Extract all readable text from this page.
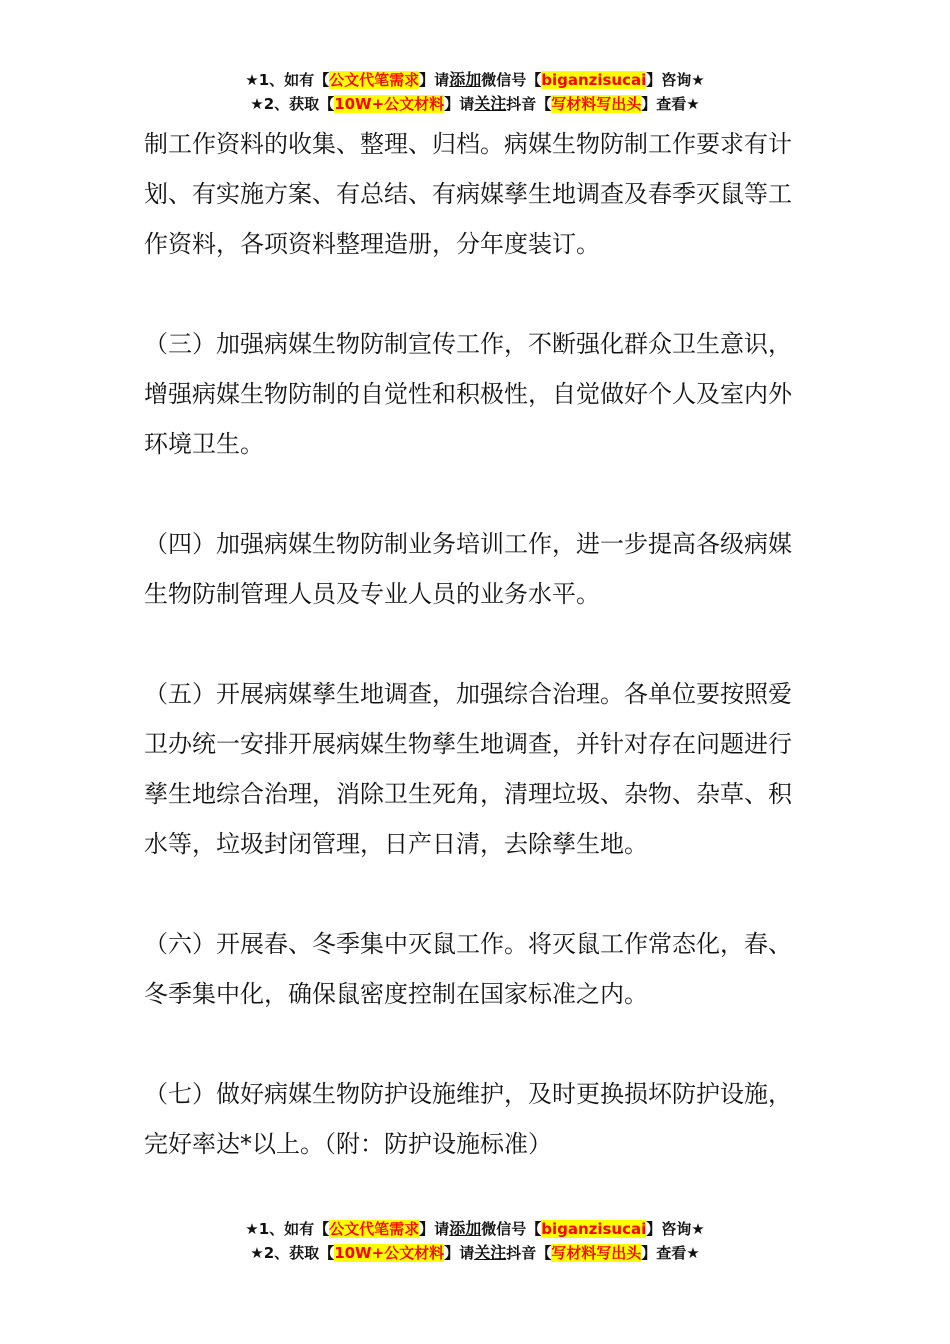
★1、如有【公文代笔需求】请添加微信号【biganzisucai】咨询★
★2、获取【10W+公文材料】请关注抖音【写材料写出头】查看★

制工作资料的收集、整理、归档。病媒生物防制工作要求有计划、有实施方案、有总结、有病媒孳生地调查及春季灭鼠等工作资料，各项资料整理造册，分年度装订。

（三）加强病媒生物防制宣传工作，不断强化群众卫生意识，增强病媒生物防制的自觉性和积极性，自觉做好个人及室内外环境卫生。

（四）加强病媒生物防制业务培训工作，进一步提高各级病媒生物防制管理人员及专业人员的业务水平。

（五）开展病媒孳生地调查，加强综合治理。各单位要按照爱卫办统一安排开展病媒生物孳生地调查，并针对存在问题进行孳生地综合治理，消除卫生死角，清理垃圾、杂物、杂草、积水等，垃圾封闭管理，日产日清，去除孳生地。

（六）开展春、冬季集中灭鼠工作。将灭鼠工作常态化，春、冬季集中化，确保鼠密度控制在国家标准之内。

（七）做好病媒生物防护设施维护，及时更换损坏防护设施，完好率达*以上。（附：防护设施标准）

★1、如有【公文代笔需求】请添加微信号【biganzisucai】咨询★
★2、获取【10W+公文材料】请关注抖音【写材料写出头】查看★
